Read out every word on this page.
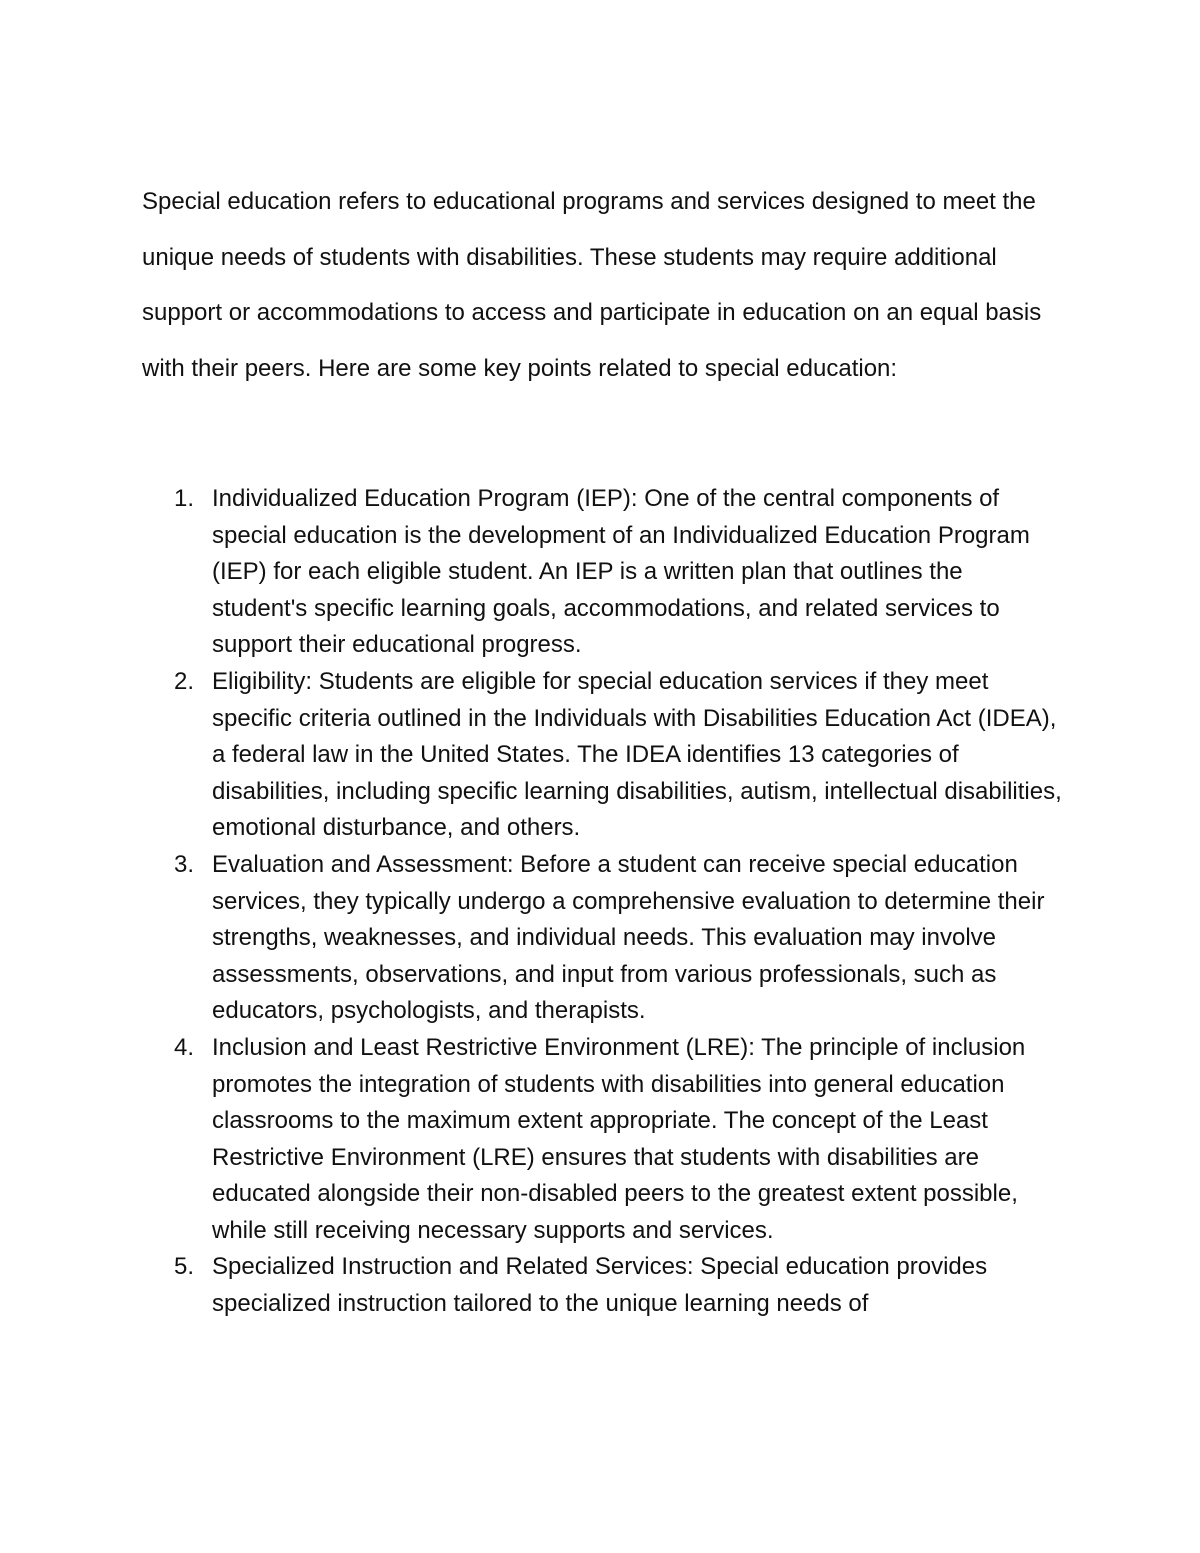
Special education refers to educational programs and services designed to meet the unique needs of students with disabilities. These students may require additional support or accommodations to access and participate in education on an equal basis with their peers. Here are some key points related to special education:

1. Individualized Education Program (IEP): One of the central components of special education is the development of an Individualized Education Program (IEP) for each eligible student. An IEP is a written plan that outlines the student's specific learning goals, accommodations, and related services to support their educational progress.
2. Eligibility: Students are eligible for special education services if they meet specific criteria outlined in the Individuals with Disabilities Education Act (IDEA), a federal law in the United States. The IDEA identifies 13 categories of disabilities, including specific learning disabilities, autism, intellectual disabilities, emotional disturbance, and others.
3. Evaluation and Assessment: Before a student can receive special education services, they typically undergo a comprehensive evaluation to determine their strengths, weaknesses, and individual needs. This evaluation may involve assessments, observations, and input from various professionals, such as educators, psychologists, and therapists.
4. Inclusion and Least Restrictive Environment (LRE): The principle of inclusion promotes the integration of students with disabilities into general education classrooms to the maximum extent appropriate. The concept of the Least Restrictive Environment (LRE) ensures that students with disabilities are educated alongside their non-disabled peers to the greatest extent possible, while still receiving necessary supports and services.
5. Specialized Instruction and Related Services: Special education provides specialized instruction tailored to the unique learning needs of
